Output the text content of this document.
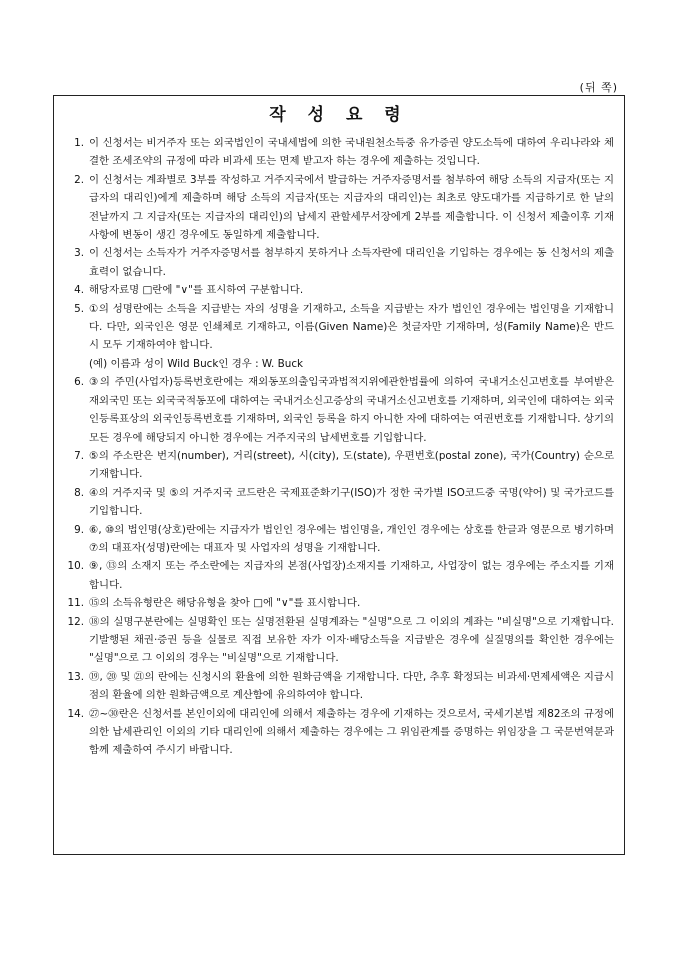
(뒤 쪽)
작 성 요 령
1. 이 신청서는 비거주자 또는 외국법인이 국내세법에 의한 국내원천소득중 유가증권 양도소득에 대하여 우리나라와 체결한 조세조약의 규정에 따라 비과세 또는 면제 받고자 하는 경우에 제출하는 것입니다.
2. 이 신청서는 계좌별로 3부를 작성하고 거주지국에서 발급하는 거주자증명서를 첨부하여 해당 소득의 지급자(또는 지급자의 대리인)에게 제출하며 해당 소득의 지급자(또는 지급자의 대리인)는 최초로 양도대가를 지급하기로 한 날의 전날까지 그 지급자(또는 지급자의 대리인)의 납세지 관할세무서장에게 2부를 제출합니다. 이 신청서 제출이후 기재사항에 변동이 생긴 경우에도 동일하게 제출합니다.
3. 이 신청서는 소득자가 거주자증명서를 첨부하지 못하거나 소득자란에 대리인을 기입하는 경우에는 동 신청서의 제출효력이 없습니다.
4. 해당자료명 □란에 "∨"를 표시하여 구분합니다.
5. ①의 성명란에는 소득을 지급받는 자의 성명을 기재하고, 소득을 지급받는 자가 법인인 경우에는 법인명을 기재합니다. 다만, 외국인은 영문 인쇄체로 기재하고, 이름(Given Name)은 첫글자만 기재하며, 성(Family Name)은 반드시 모두 기재하여야 합니다.
(예) 이름과 성이 Wild Buck인 경우 : W. Buck
6. ③의 주민(사업자)등록번호란에는 재외동포의출입국과법적지위에관한법률에 의하여 국내거소신고번호를 부여받은 재외국민 또는 외국국적동포에 대하여는 국내거소신고증상의 국내거소신고번호를 기재하며, 외국인에 대하여는 외국인등록표상의 외국인등록번호를 기재하며, 외국인 등록을 하지 아니한 자에 대하여는 여권번호를 기재합니다. 상기의 모든 경우에 해당되지 아니한 경우에는 거주지국의 납세번호를 기입합니다.
7. ⑤의 주소란은 번지(number), 거리(street), 시(city), 도(state), 우편번호(postal zone), 국가(Country) 순으로 기재합니다.
8. ④의 거주지국 및 ⑤의 거주지국 코드란은 국제표준화기구(ISO)가 정한 국가별 ISO코드중 국명(약어) 및 국가코드를 기입합니다.
9. ⑥, ⑩의 법인명(상호)란에는 지급자가 법인인 경우에는 법인명을, 개인인 경우에는 상호를 한글과 영문으로 병기하며 ⑦의 대표자(성명)란에는 대표자 및 사업자의 성명을 기재합니다.
10. ⑨, ⑬의 소재지 또는 주소란에는 지급자의 본점(사업장)소재지를 기재하고, 사업장이 없는 경우에는 주소지를 기재합니다.
11. ⑮의 소득유형란은 해당유형을 찾아 □에 "∨"를 표시합니다.
12. ⑱의 실명구분란에는 실명확인 또는 실명전환된 실명계좌는 "실명"으로 그 이외의 계좌는 "비실명"으로 기재합니다. 기발행된 채권·증권 등을 실물로 직접 보유한 자가 이자·배당소득을 지급받은 경우에 실질명의를 확인한 경우에는 "실명"으로 그 이외의 경우는 "비실명"으로 기재합니다.
13. ⑲, ⑳ 및 ㉑의 란에는 신청시의 환율에 의한 원화금액을 기재합니다. 다만, 추후 확정되는 비과세·면제세액은 지급시점의 환율에 의한 원화금액으로 계산함에 유의하여야 합니다.
14. ㉗~㉚란은 신청서를 본인이외에 대리인에 의해서 제출하는 경우에 기재하는 것으로서, 국세기본법 제82조의 규정에 의한 납세관리인 이외의 기타 대리인에 의해서 제출하는 경우에는 그 위임관계를 증명하는 위임장을 그 국문번역문과 함께 제출하여 주시기 바랍니다.
